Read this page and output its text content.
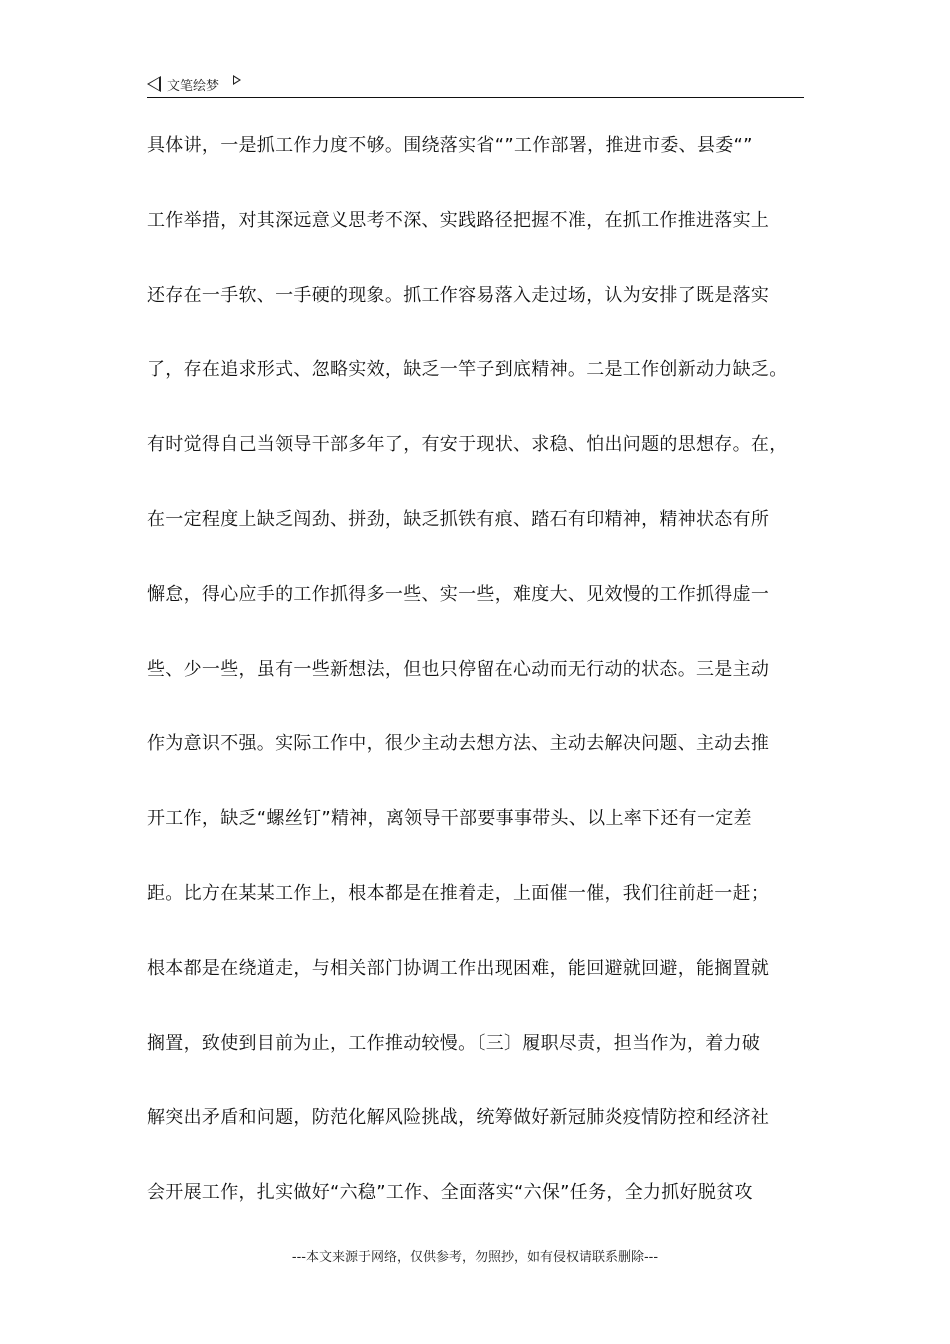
文笔绘梦
具体讲，一是抓工作力度不够。围绕落实省“”工作部署，推进市委、县委“”
工作举措，对其深远意义思考不深、实践路径把握不准，在抓工作推进落实上
还存在一手软、一手硬的现象。抓工作容易落入走过场，认为安排了既是落实
了，存在追求形式、忽略实效，缺乏一竿子到底精神。二是工作创新动力缺乏。
有时觉得自己当领导干部多年了，有安于现状、求稳、怕出问题的思想存。在，
在一定程度上缺乏闯劲、拼劲，缺乏抓铁有痕、踏石有印精神，精神状态有所
懈怠，得心应手的工作抓得多一些、实一些，难度大、见效慢的工作抓得虚一
些、少一些，虽有一些新想法，但也只停留在心动而无行动的状态。三是主动
作为意识不强。实际工作中，很少主动去想方法、主动去解决问题、主动去推
开工作，缺乏“螺丝钉”精神，离领导干部要事事带头、以上率下还有一定差
距。比方在某某工作上，根本都是在推着走，上面催一催，我们往前赶一赶；
根本都是在绕道走，与相关部门协调工作出现困难，能回避就回避，能搁置就
搁置，致使到目前为止，工作推动较慢。〔三〕履职尽责，担当作为，着力破
解突出矛盾和问题，防范化解风险挑战，统筹做好新冠肺炎疫情防控和经济社
会开展工作，扎实做好“六稳”工作、全面落实“六保”任务，全力抓好脱贫攻
---本文来源于网络，仅供参考，勿照抄，如有侵权请联系删除---
